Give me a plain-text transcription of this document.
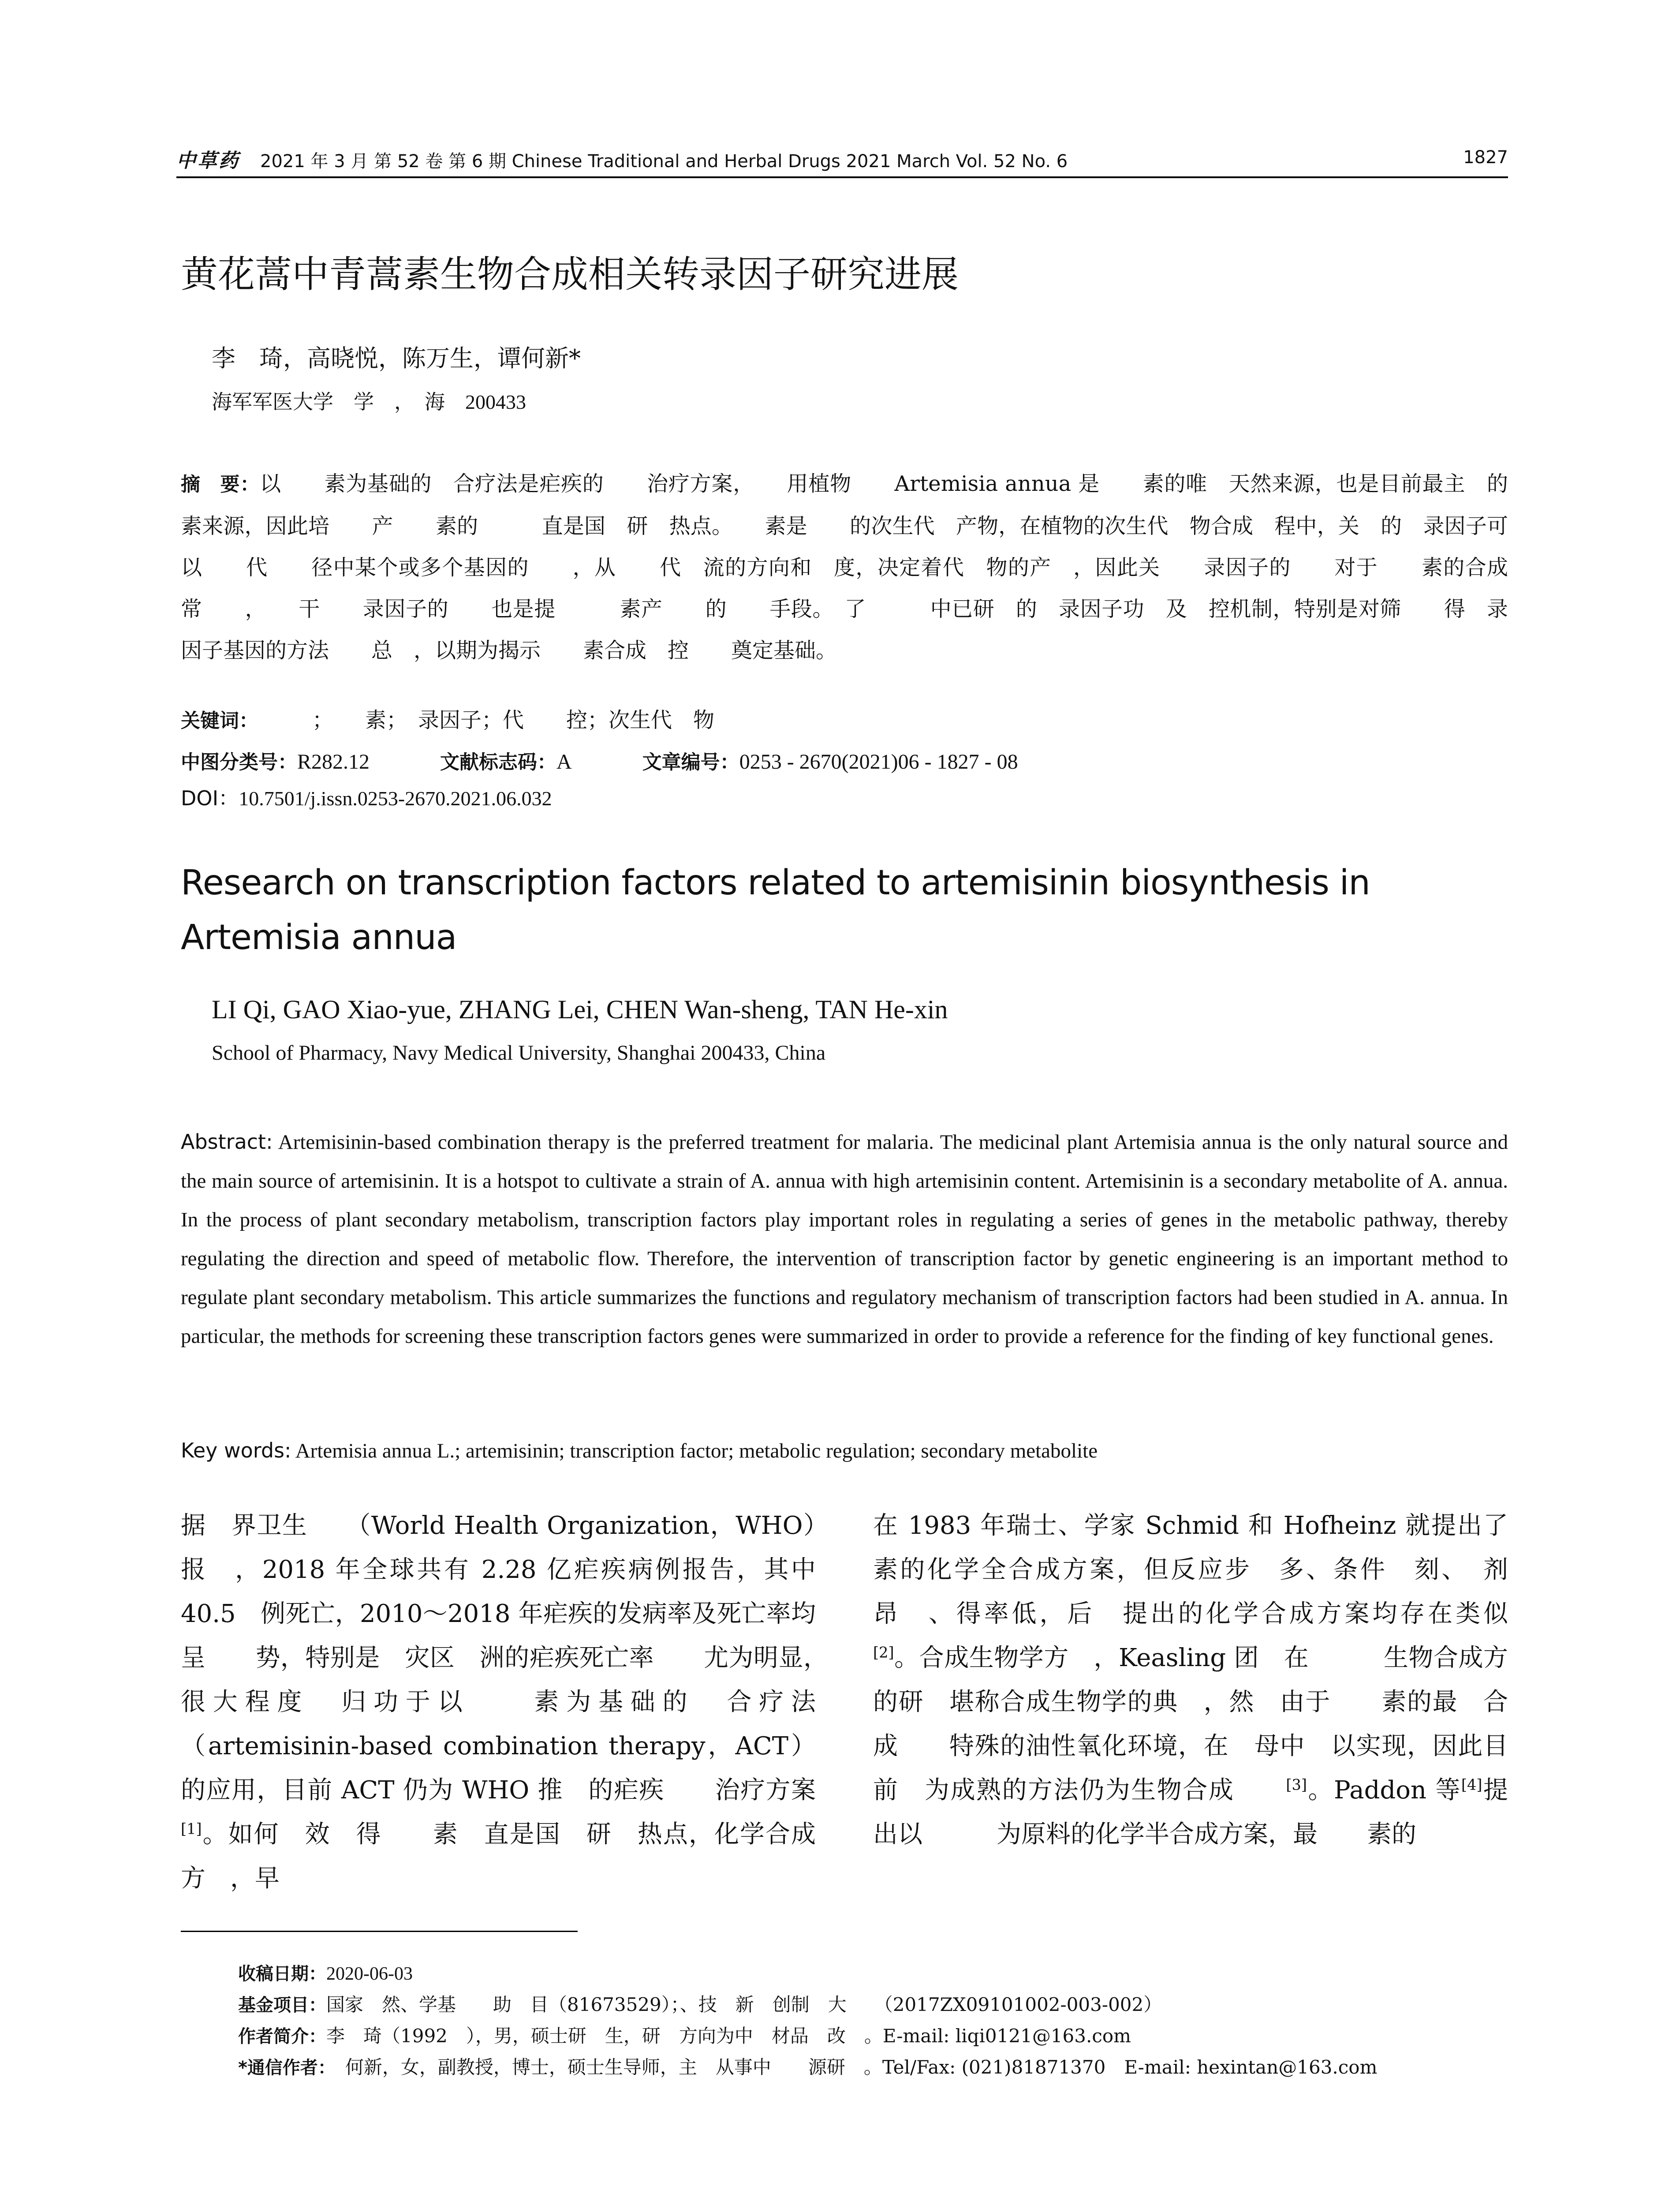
中草药 2021 年 3 月 第 52 卷 第 6 期 Chinese Traditional and Herbal Drugs 2021 March Vol. 52 No. 6	1827
黄花蒿中青蒿素生物合成相关转录因子研究进展
李　琦，高晓悦，陈万生，谭何新*
海军军医大学　学　，　海　200433
摘　要：以　　素为基础的　合疗法是疟疾的　　治疗方案，　　用植物　　Artemisia annua 是　　素的唯　天然来源，也是目前最主　的　　素来源，因此培　　产　　素的　　　直是国　研　热点。　　素是　　的次生代　产物，在植物的次生代　物合成　程中，关　的　录因子可以　　代　　径中某个或多个基因的　　，从　　代　流的方向和　度，决定着代　物的产　，因此关　　录因子的　　对于　　素的合成　常　　，　　干　　录因子的　　也是提　　　素产　　的　　手段。　了　　　中已研　的　录因子功　及　控机制，特别是对筛　　得　录因子基因的方法　　总　，以期为揭示　　素合成　控　　奠定基础。
关键词：　　　；　　素；　录因子；代　　控；次生代　物
中图分类号：R282.12	文献标志码：A	文章编号：0253 - 2670(2021)06 - 1827 - 08
DOI：10.7501/j.issn.0253-2670.2021.06.032
Research on transcription factors related to artemisinin biosynthesis in Artemisia annua
LI Qi, GAO Xiao-yue, ZHANG Lei, CHEN Wan-sheng, TAN He-xin
School of Pharmacy, Navy Medical University, Shanghai 200433, China
Abstract: Artemisinin-based combination therapy is the preferred treatment for malaria. The medicinal plant Artemisia annua is the only natural source and the main source of artemisinin. It is a hotspot to cultivate a strain of A. annua with high artemisinin content. Artemisinin is a secondary metabolite of A. annua. In the process of plant secondary metabolism, transcription factors play important roles in regulating a series of genes in the metabolic pathway, thereby regulating the direction and speed of metabolic flow. Therefore, the intervention of transcription factor by genetic engineering is an important method to regulate plant secondary metabolism. This article summarizes the functions and regulatory mechanism of transcription factors had been studied in A. annua. In particular, the methods for screening these transcription factors genes were summarized in order to provide a reference for the finding of key functional genes.
Key words: Artemisia annua L.; artemisinin; transcription factor; metabolic regulation; secondary metabolite
据　界卫生　　（World Health Organization，WHO）报　，2018 年全球共有 2.28 亿疟疾病例报告，其中 40.5　例死亡，2010～2018 年疟疾的发病率及死亡率均呈　　势，特别是　灾区　洲的疟疾死亡率　　尤为明显，　很大程度　归功于以　　素为基础的　合疗法（artemisinin-based combination therapy，ACT）的应用，目前 ACT 仍为 WHO 推　的疟疾　　治疗方案[1]。如何　效　得　　素　直是国　研　热点，化学合成方　，早
在 1983 年瑞士、学家 Schmid 和 Hofheinz 就提出了　　素的化学全合成方案，但反应步　多、条件　刻、　剂昂　、得率低，后　提出的化学合成方案均存在类似　　[2]。合成生物学方　，Keasling 团　在　　　生物合成方　的研　堪称合成生物学的典　，然　由于　　素的最　合成　　特殊的油性氧化环境，在　母中　以实现，因此目前　为成熟的方法仍为生物合成　　[3]。Paddon 等[4]提出以　　　为原料的化学半合成方案，最　　素的
收稿日期：2020-06-03
基金项目：国家　然、学基　　助　目（81673529）；、技　新　创制　大　　（2017ZX09101002-003-002）
作者简介：李　琦（1992　），男，硕士研　生，研　方向为中　材品　改　。E-mail: liqi0121@163.com
*通信作者：　何新，女，副教授，博士，硕士生导师，主　从事中　　源研　。Tel/Fax: (021)81871370　E-mail: hexintan@163.com
